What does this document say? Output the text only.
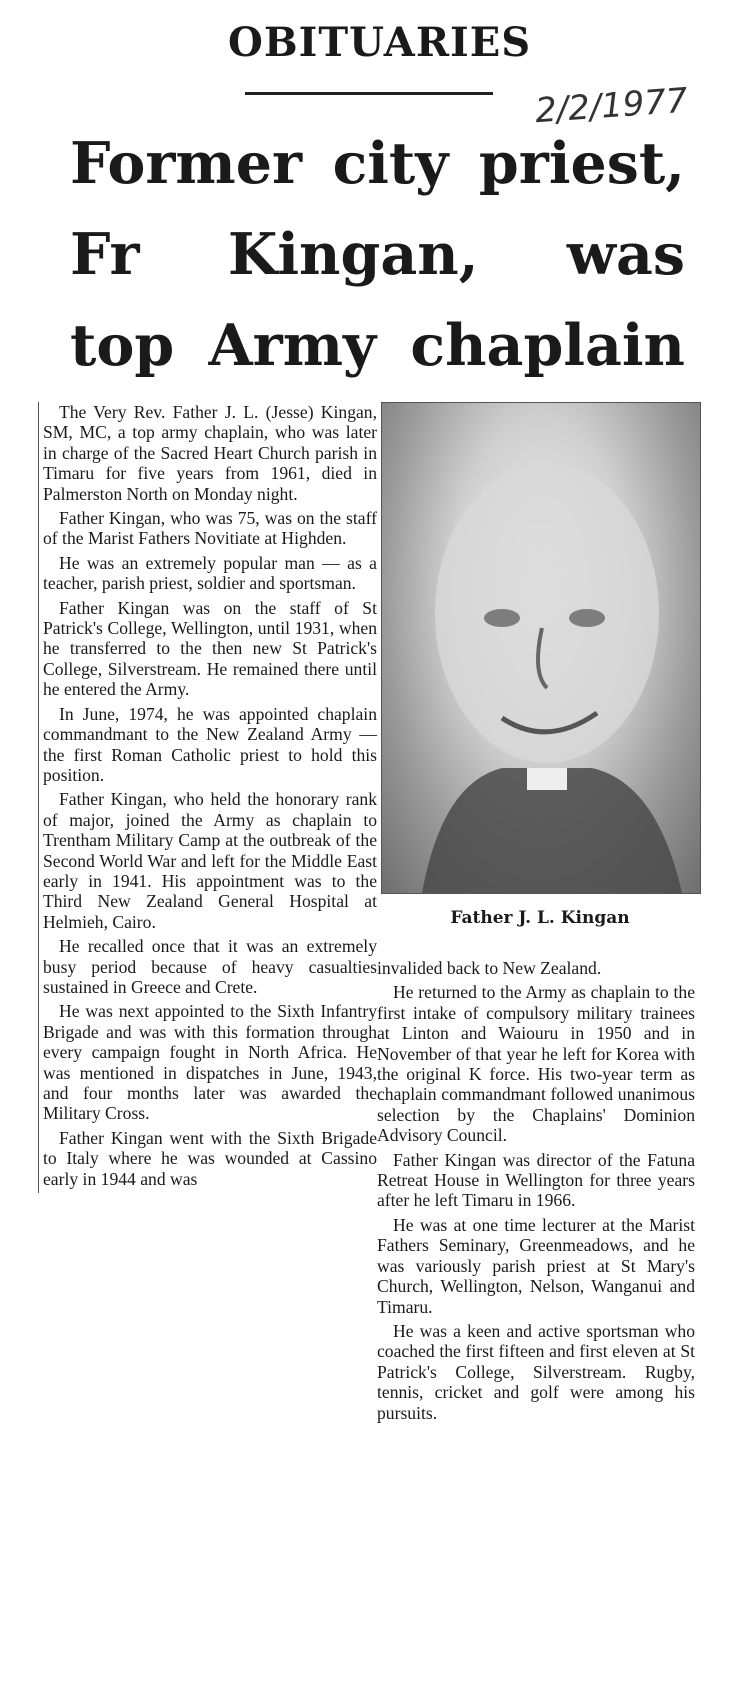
OBITUARIES
2/2/1977
Former city priest,
Fr Kingan, was
top Army chaplain

The Very Rev. Father J. L. (Jesse) Kingan, SM, MC, a top army chaplain, who was later in charge of the Sacred Heart Church parish in Timaru for five years from 1961, died in Palmerston North on Monday night.

Father Kingan, who was 75, was on the staff of the Marist Fathers Novitiate at Highden.

He was an extremely popular man — as a teacher, parish priest, soldier and sportsman.

Father Kingan was on the staff of St Patrick's College, Wellington, until 1931, when he transferred to the then new St Patrick's College, Silverstream. He remained there until he entered the Army.

In June, 1974, he was appointed chaplain commandmant to the New Zealand Army — the first Roman Catholic priest to hold this position.

Father Kingan, who held the honorary rank of major, joined the Army as chaplain to Trentham Military Camp at the outbreak of the Second World War and left for the Middle East early in 1941. His appointment was to the Third New Zealand General Hospital at Helmieh, Cairo.

He recalled once that it was an extremely busy period because of heavy casualties sustained in Greece and Crete.

He was next appointed to the Sixth Infantry Brigade and was with this formation through every campaign fought in North Africa. He was mentioned in dispatches in June, 1943, and four months later was awarded the Military Cross.

Father Kingan went with the Sixth Brigade to Italy where he was wounded at Cassino early in 1944 and was

Father J. L. Kingan

invalided back to New Zealand.

He returned to the Army as chaplain to the first intake of compulsory military trainees at Linton and Waiouru in 1950 and in November of that year he left for Korea with the original K force. His two-year term as chaplain commandmant followed unanimous selection by the Chaplains' Dominion Advisory Council.

Father Kingan was director of the Fatuna Retreat House in Wellington for three years after he left Timaru in 1966.

He was at one time lecturer at the Marist Fathers Seminary, Greenmeadows, and he was variously parish priest at St Mary's Church, Wellington, Nelson, Wanganui and Timaru.

He was a keen and active sportsman who coached the first fifteen and first eleven at St Patrick's College, Silverstream. Rugby, tennis, cricket and golf were among his pursuits.
